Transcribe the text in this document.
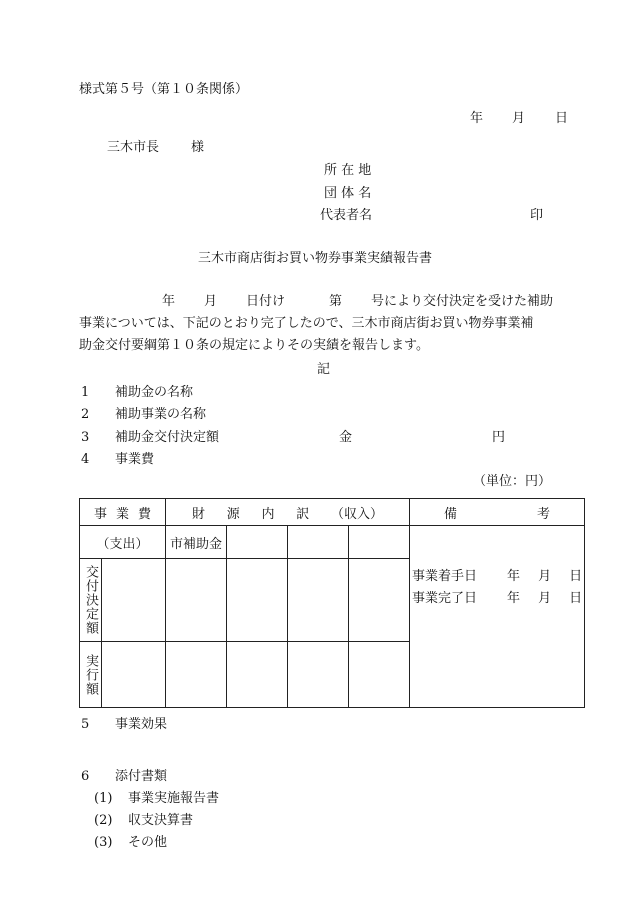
様式第５号（第１０条関係）
年 月 日
三木市長 様
所 在 地
団 体 名
代表者名	印
三木市商店街お買い物券事業実績報告書
年 月 日付け	第 号により交付決定を受けた補助
事業については、下記のとおり完了したので、三木市商店街お買い物券事業補
助金交付要綱第１０条の規定によりその実績を報告します。
記
1 補助金の名称
2 補助事業の名称
3 補助金交付決定額	金	円
4 事業費
（単位：円）
事 業 費		財 源 内 訳 （収入）				備 考

（支出）		市補助金				事業着手日 年 月 日
事業完了日 年 月 日

交付決定額						

実行額						

5 事業効果
6 添付書類
(1) 事業実施報告書
(2) 収支決算書
(3) その他
